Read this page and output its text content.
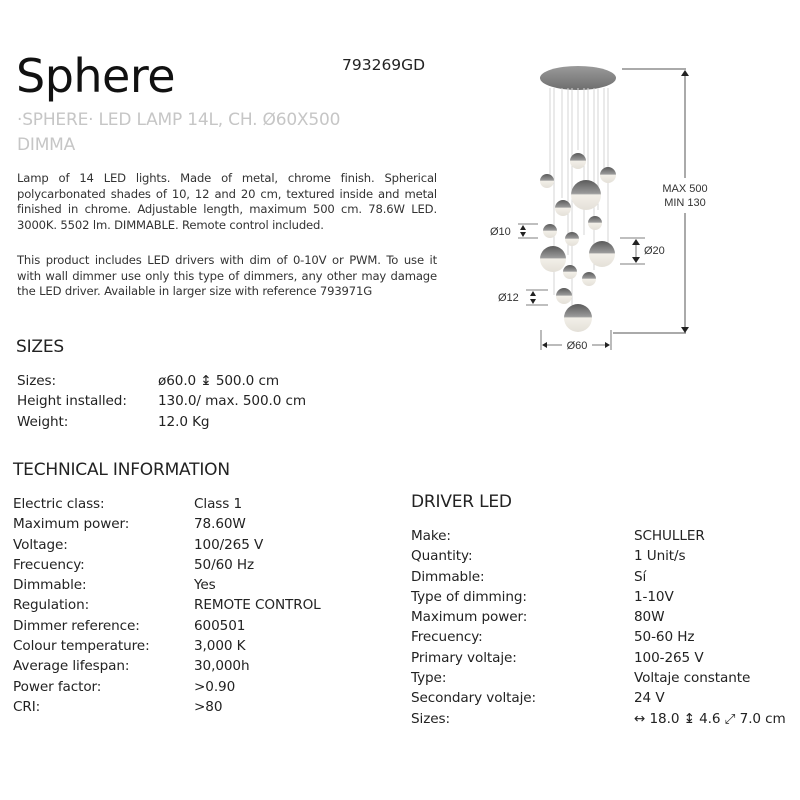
Sphere	793269GD
·SPHERE· LED LAMP 14L, CH. Ø60X500
DIMMA

Lamp of 14 LED lights. Made of metal, chrome finish. Spherical polycarbonated shades of 10, 12 and 20 cm, textured inside and metal finished in chrome. Adjustable length, maximum 500 cm. 78.6W LED. 3000K. 5502 lm. DIMMABLE. Remote control included.

This product includes LED drivers with dim of 0-10V or PWM. To use it with wall dimmer use only this type of dimmers, any other may damage the LED driver. Available in larger size with reference 793971G

MAX 500
MIN 130
Ø10
Ø20
Ø12
Ø60
SIZES
Sizes:	ø60.0 ↨ 500.0 cm
Height installed:	130.0/ max. 500.0 cm
Weight:	12.0 Kg
TECHNICAL INFORMATION
Electric class:	Class 1
Maximum power:	78.60W
Voltage:	100/265 V
Frecuency:	50/60 Hz
Dimmable:	Yes
Regulation:	REMOTE CONTROL
Dimmer reference:	600501
Colour temperature:	3,000 K
Average lifespan:	30,000h
Power factor:	>0.90
CRI:	>80
DRIVER LED
Make:	SCHULLER
Quantity:	1 Unit/s
Dimmable:	Sí
Type of dimming:	1-10V
Maximum power:	80W
Frecuency:	50-60 Hz
Primary voltaje:	100-265 V
Type:	Voltaje constante
Secondary voltaje:	24 V
Sizes:	↔ 18.0 ↨ 4.6 ⤢ 7.0 cm
